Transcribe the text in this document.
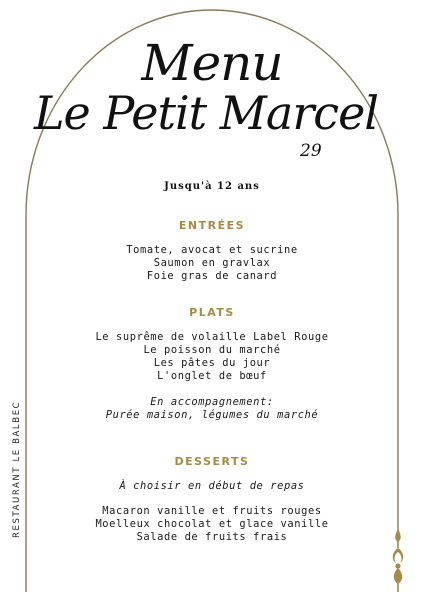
Menu
Le Petit Marcel
29
Jusqu'à 12 ans
ENTRÉES
Tomate, avocat et sucrine
Saumon en gravlax
Foie gras de canard
PLATS
Le suprême de volaille Label Rouge
Le poisson du marché
Les pâtes du jour
L'onglet de bœuf
En accompagnement:
Purée maison, légumes du marché
DESSERTS
À choisir en début de repas
Macaron vanille et fruits rouges
Moelleux chocolat et glace vanille
Salade de fruits frais
RESTAURANT LE BALBEC
